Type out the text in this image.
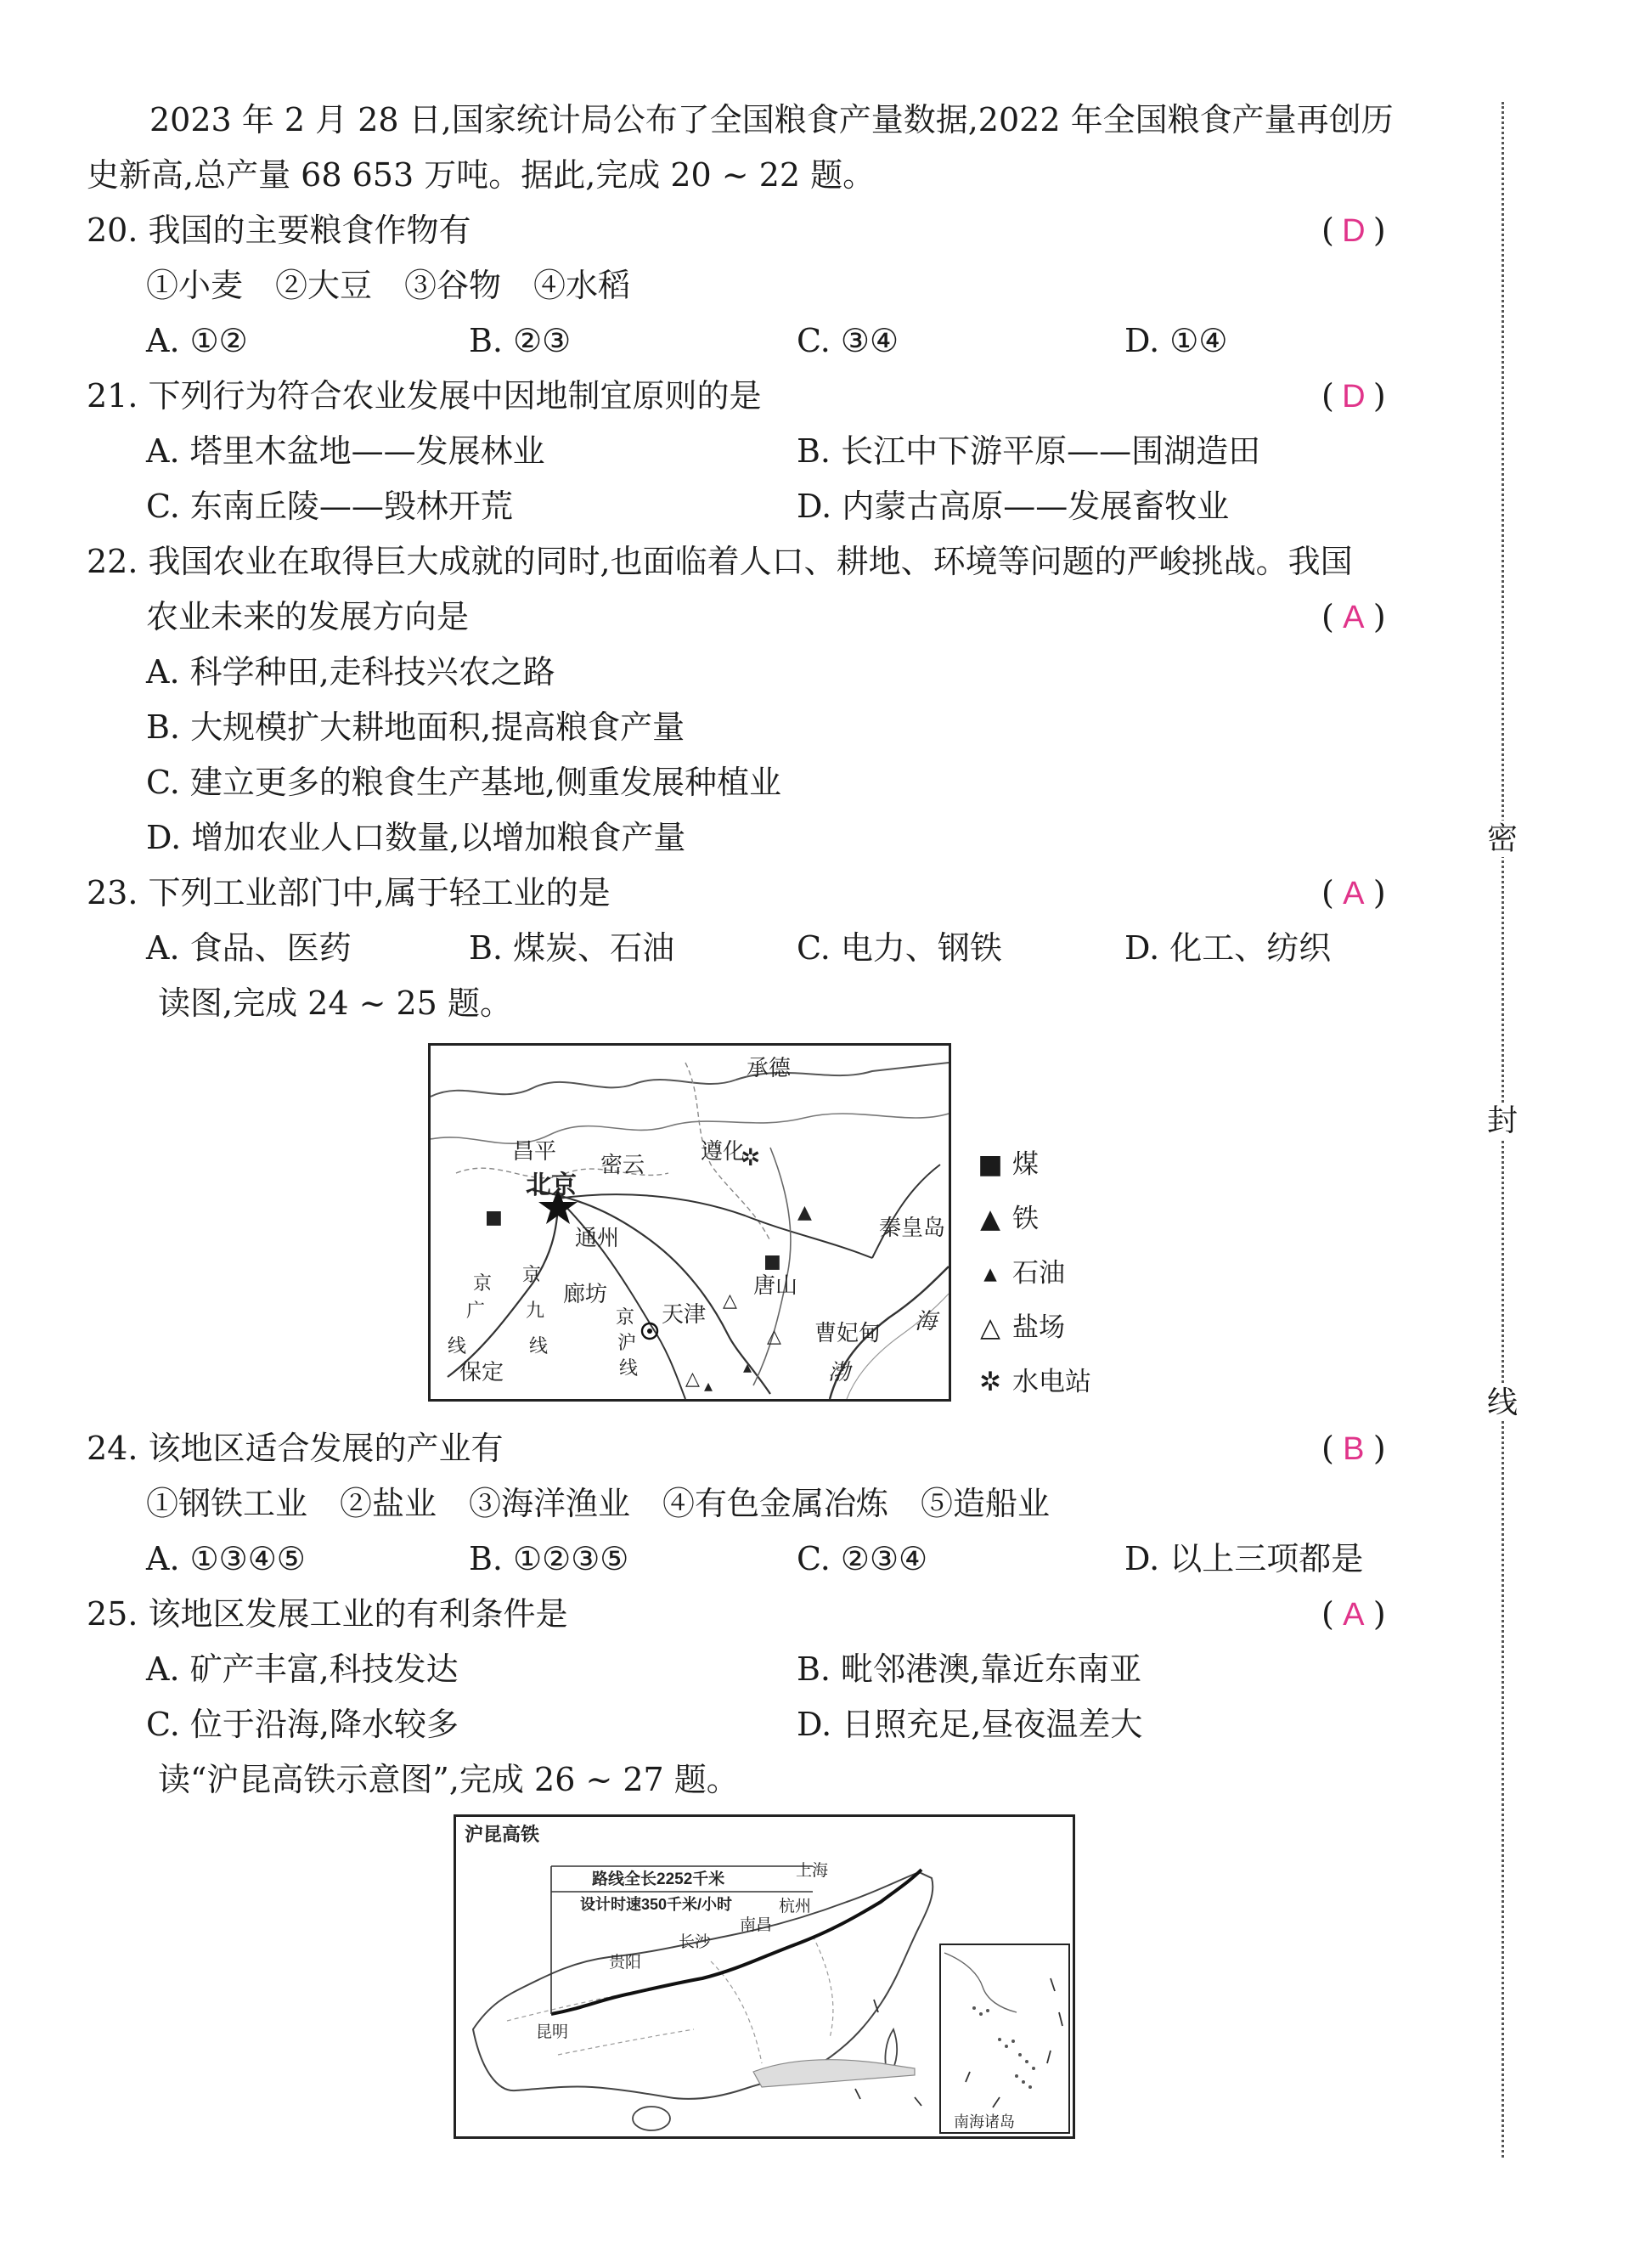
密
封
线
2023 年 2 月 28 日,国家统计局公布了全国粮食产量数据,2022 年全国粮食产量再创历
史新高,总产量 68 653 万吨。据此,完成 20 ~ 22 题。
20. 我国的主要粮食作物有	( D )
①小麦　②大豆　③谷物　④水稻
A. ①②	B. ②③	C. ③④	D. ①④
21. 下列行为符合农业发展中因地制宜原则的是	( D )
A. 塔里木盆地——发展林业	B. 长江中下游平原——围湖造田
C. 东南丘陵——毁林开荒	D. 内蒙古高原——发展畜牧业
22. 我国农业在取得巨大成就的同时,也面临着人口、耕地、环境等问题的严峻挑战。我国
农业未来的发展方向是	( A )
A. 科学种田,走科技兴农之路
B. 大规模扩大耕地面积,提高粮食产量
C. 建立更多的粮食生产基地,侧重发展种植业
D. 增加农业人口数量,以增加粮食产量
23. 下列工业部门中,属于轻工业的是	( A )
A. 食品、医药	B. 煤炭、石油	C. 电力、钢铁	D. 化工、纺织
读图,完成 24 ~ 25 题。
■
■
▲
✲
△
△
△
▴
▴
承德
昌平
密云
遵化
北京
通州	秦皇岛
唐山
廊坊
天津
曹妃甸
保定
海
渤
京
广
线
京
九
线
京
沪
线
■ 煤
▲ 铁
▴ 石油
△ 盐场
✲ 水电站
24. 该地区适合发展的产业有	( B )
①钢铁工业　②盐业　③海洋渔业　④有色金属冶炼　⑤造船业
A. ①③④⑤	B. ①②③⑤	C. ②③④	D. 以上三项都是
25. 该地区发展工业的有利条件是	( A )
A. 矿产丰富,科技发达	B. 毗邻港澳,靠近东南亚
C. 位于沿海,降水较多	D. 日照充足,昼夜温差大
读“沪昆高铁示意图”,完成 26 ~ 27 题。
沪昆高铁
路线全长2252千米
设计时速350千米/小时
上海
杭州
南昌
长沙
贵阳
昆明
南海诸岛
